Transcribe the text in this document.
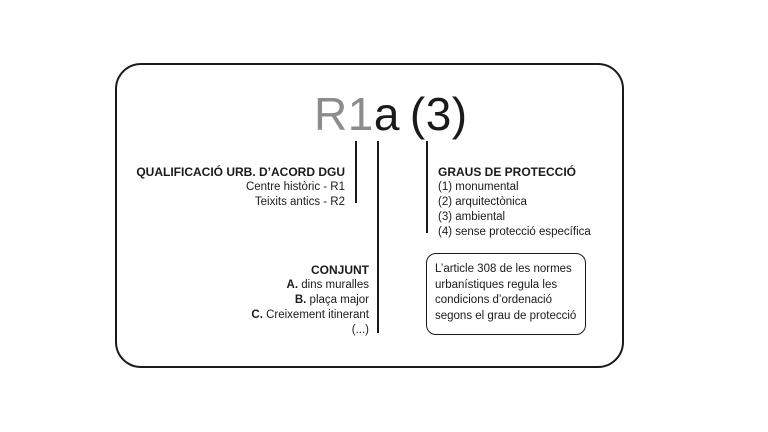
R1a (3)
QUALIFICACIÓ URB. D’ACORD DGU
Centre històric - R1
Teixits antics - R2
CONJUNT
A. dins muralles
B. plaça major
C. Creixement itinerant
(...)
GRAUS DE PROTECCIÓ
(1) monumental
(2) arquitectònica
(3) ambiental
(4) sense protecció específica
L’article 308 de les normes
urbanístiques regula les
condicions d’ordenació
segons el grau de protecció
